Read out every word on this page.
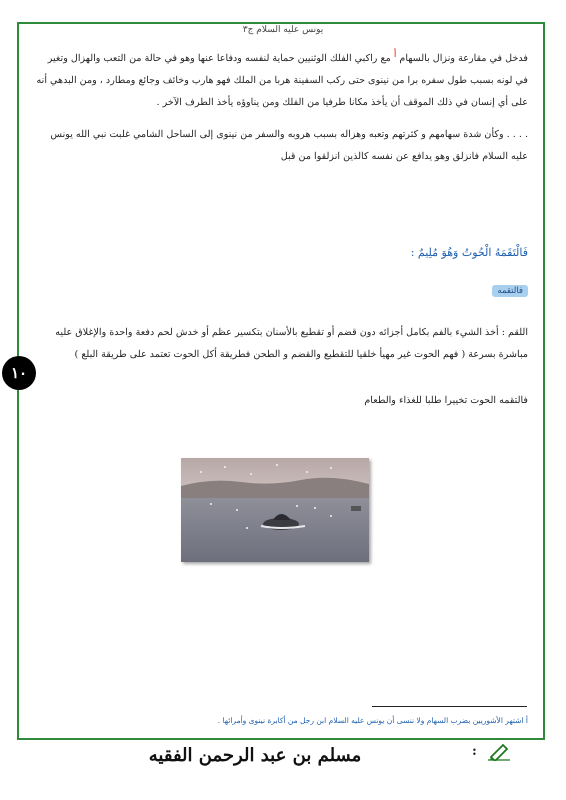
يونس عليه السلام ج٣
١٠

فدخل في مقارعة ونزال بالسهام أ مع راكبي الفلك الوثنيين حماية لنفسه ودفاعا عنها وهو في حالة من التعب والهزال وتغير في لونه بسبب طول سفره برا من نينوى حتى ركب السفينة هربا من الملك فهو هارب وخائف وجائع ومطارد ، ومن البدهي أنه على أي إنسان في ذلك الموقف أن يأخذ مكانا طرفيا من الفلك ومن يناوؤه يأخذ الطرف الآخر .

. . . . وكأن شدة سهامهم و كثرتهم وتعبه وهزاله بسبب هروبه والسفر من نينوى إلى الساحل الشامي غلبت نبي الله يونس عليه السلام فانزلق وهو يدافع عن نفسه كالذين انزلقوا من قبل

فَالْتَقَمَهُ الْحُوتُ وَهُوَ مُلِيمٌ :
فالتقمه

اللقم : أخذ الشيء بالفم بكامل أجزائه دون قضم أو تقطيع بالأسنان بتكسير عظم أو خدش لحم دفعة واحدة والإغلاق عليه مباشرة بسرعة ( فهم الحوت غير مهيأ خلقيا للتقطيع والقضم و الطحن فطريقة أكل الحوت تعتمد على طريقة البلع )

فالتقمه الحوت تخييرا طلبا للغذاء والطعام

أ اشتهر الأشوريين بضرب السهام ولا ننسى أن يونس عليه السلام ابن رجل من أكابرة نينوى وأمرائها .
مسلم بن عبد الرحمن الفقيه	:
